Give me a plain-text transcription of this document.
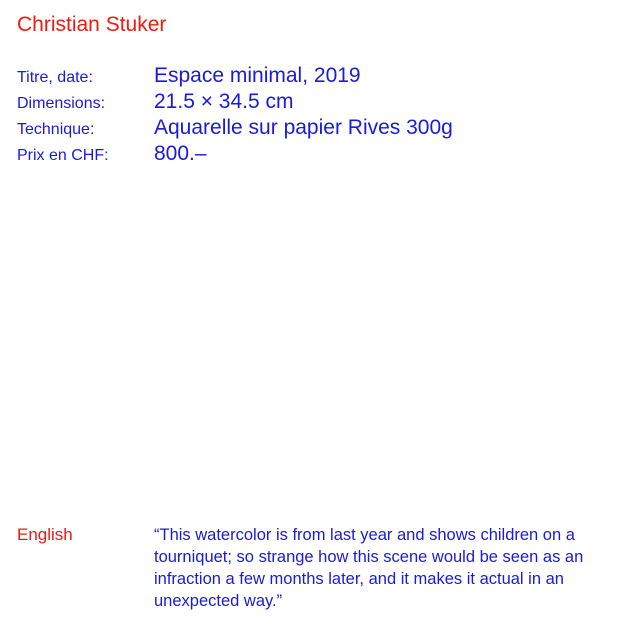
Christian Stuker
Titre, date:	Espace minimal, 2019
Dimensions:	21.5 × 34.5 cm
Technique:	Aquarelle sur papier Rives 300g
Prix en CHF:	800.–
English	“This watercolor is from last year and shows children on a tourniquet; so strange how this scene would be seen as an infraction a few months later, and it makes it actual in an unexpected way.”
